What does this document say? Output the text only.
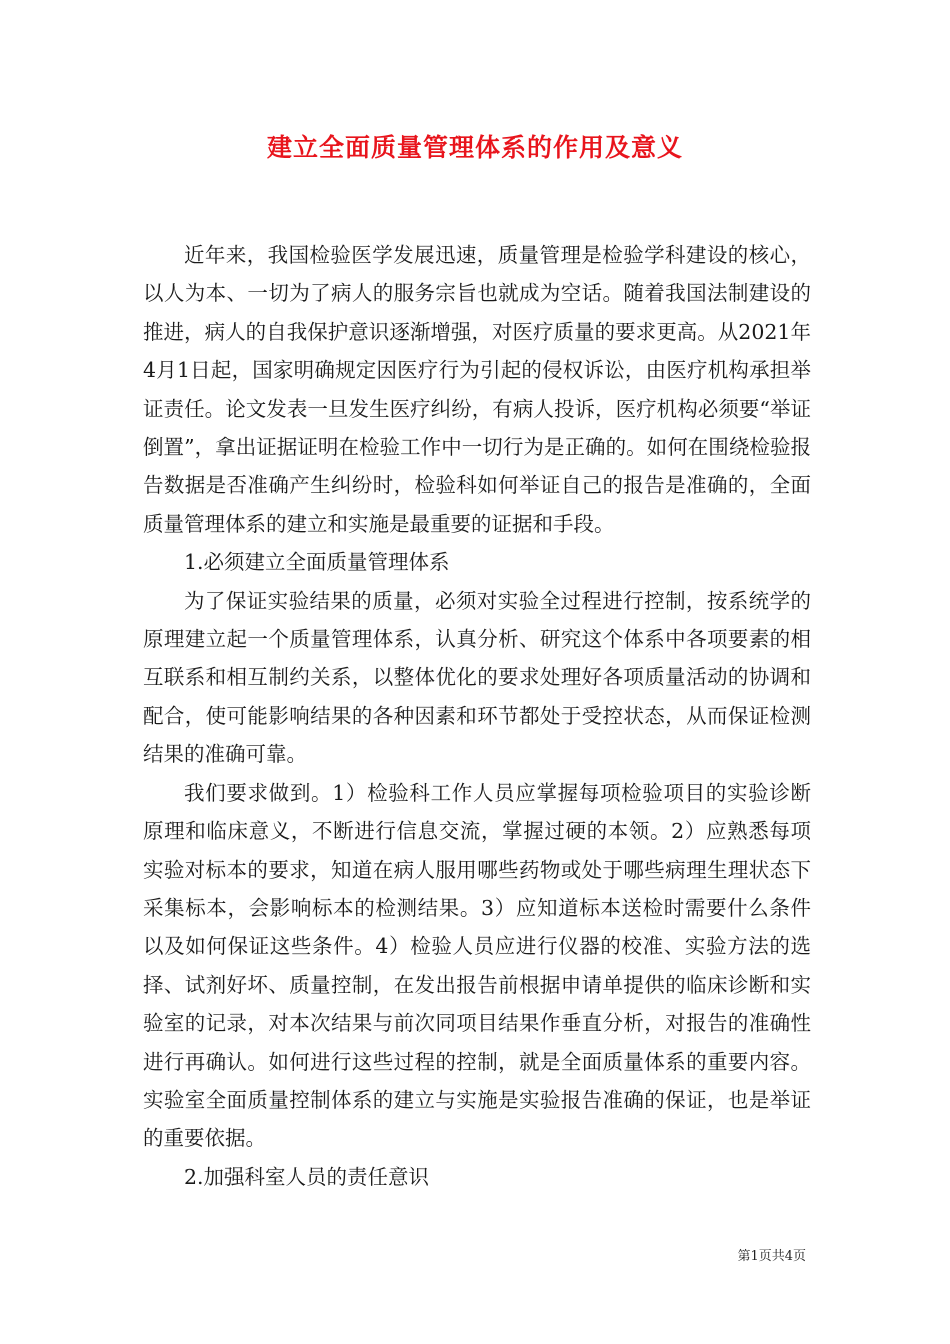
建立全面质量管理体系的作用及意义

近年来，我国检验医学发展迅速，质量管理是检验学科建设的核心，以人为本、一切为了病人的服务宗旨也就成为空话。随着我国法制建设的推进，病人的自我保护意识逐渐增强，对医疗质量的要求更高。从2021年4月1日起，国家明确规定因医疗行为引起的侵权诉讼，由医疗机构承担举证责任。论文发表一旦发生医疗纠纷，有病人投诉，医疗机构必须要“举证倒置”，拿出证据证明在检验工作中一切行为是正确的。如何在围绕检验报告数据是否准确产生纠纷时，检验科如何举证自己的报告是准确的，全面质量管理体系的建立和实施是最重要的证据和手段。

1.必须建立全面质量管理体系

为了保证实验结果的质量，必须对实验全过程进行控制，按系统学的原理建立起一个质量管理体系，认真分析、研究这个体系中各项要素的相互联系和相互制约关系，以整体优化的要求处理好各项质量活动的协调和配合，使可能影响结果的各种因素和环节都处于受控状态，从而保证检测结果的准确可靠。

我们要求做到。1）检验科工作人员应掌握每项检验项目的实验诊断原理和临床意义，不断进行信息交流，掌握过硬的本领。2）应熟悉每项实验对标本的要求，知道在病人服用哪些药物或处于哪些病理生理状态下采集标本，会影响标本的检测结果。3）应知道标本送检时需要什么条件以及如何保证这些条件。4）检验人员应进行仪器的校准、实验方法的选择、试剂好坏、质量控制，在发出报告前根据申请单提供的临床诊断和实验室的记录，对本次结果与前次同项目结果作垂直分析，对报告的准确性进行再确认。如何进行这些过程的控制，就是全面质量体系的重要内容。实验室全面质量控制体系的建立与实施是实验报告准确的保证，也是举证的重要依据。

2.加强科室人员的责任意识

第1页共4页
